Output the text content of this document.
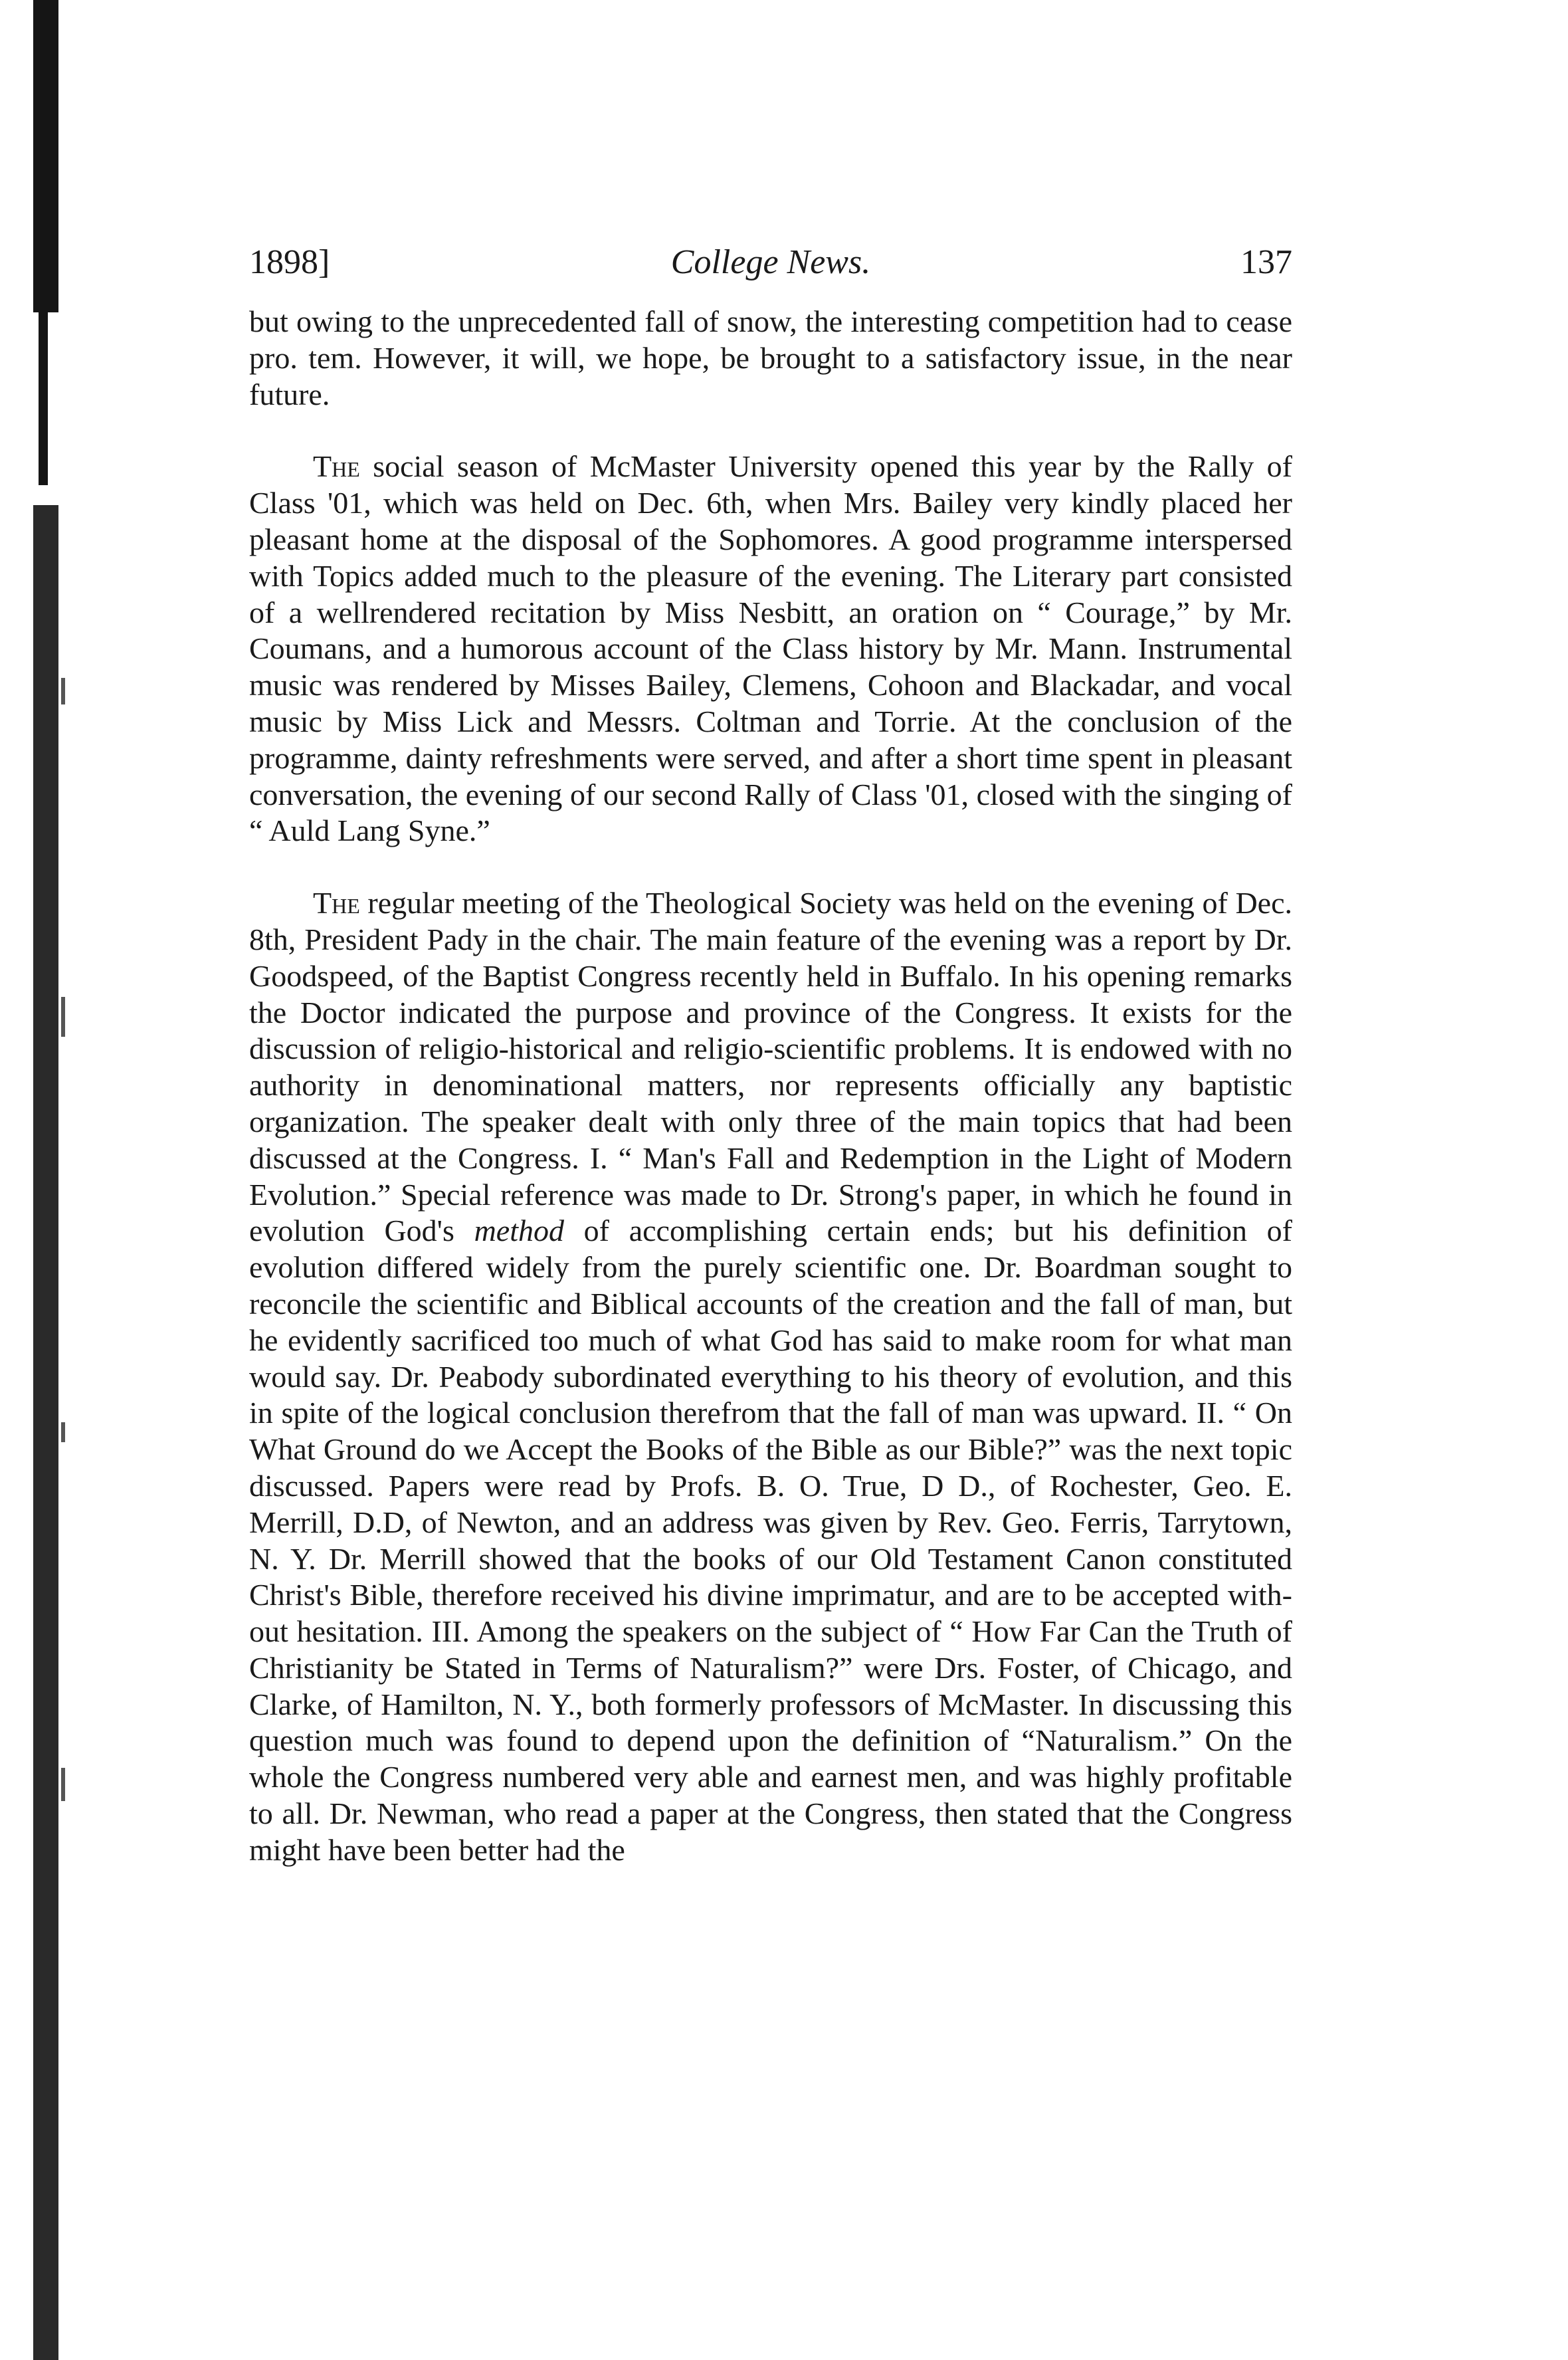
1898]	College News.	137

but owing to the unprecedented fall of snow, the interesting competition had to cease pro. tem. However, it will, we hope, be brought to a satisfactory issue, in the near future.

The social season of McMaster University opened this year by the Rally of Class '01, which was held on Dec. 6th, when Mrs. Bailey very kindly placed her pleasant home at the disposal of the Sophomores. A good programme interspersed with Topics added much to the pleasure of the evening. The Literary part consisted of a wellrendered recitation by Miss Nesbitt, an oration on “ Courage,” by Mr. Coumans, and a humorous account of the Class history by Mr. Mann. Instrumental music was rendered by Misses Bailey, Clemens, Cohoon and Blackadar, and vocal music by Miss Lick and Messrs. Coltman and Torrie. At the conclusion of the programme, dainty refreshments were served, and after a short time spent in pleasant conversation, the evening of our second Rally of Class '01, closed with the singing of “ Auld Lang Syne.”

The regular meeting of the Theological Society was held on the evening of Dec. 8th, President Pady in the chair. The main feature of the evening was a report by Dr. Goodspeed, of the Baptist Congress recently held in Buffalo. In his opening remarks the Doctor indicated the purpose and province of the Congress. It exists for the discussion of religio-historical and religio-scientific problems. It is endowed with no authority in denominational matters, nor represents officially any baptistic organization. The speaker dealt with only three of the main topics that had been discussed at the Congress. I. “ Man's Fall and Redemption in the Light of Modern Evolution.” Special reference was made to Dr. Strong's paper, in which he found in evolution God's method of accomplishing certain ends; but his definition of evolution differed widely from the purely scientific one. Dr. Boardman sought to reconcile the scientific and Biblical accounts of the creation and the fall of man, but he evidently sacrificed too much of what God has said to make room for what man would say. Dr. Peabody subordinated everything to his theory of evolution, and this in spite of the logical conclusion therefrom that the fall of man was upward. II. “ On What Ground do we Accept the Books of the Bible as our Bible?” was the next topic discussed. Papers were read by Profs. B. O. True, D D., of Rochester, Geo. E. Merrill, D.D, of Newton, and an address was given by Rev. Geo. Ferris, Tarrytown, N. Y. Dr. Merrill showed that the books of our Old Testament Canon constituted Christ's Bible, therefore received his divine imprimatur, and are to be accepted without hesitation. III. Among the speakers on the subject of “ How Far Can the Truth of Christianity be Stated in Terms of Naturalism?” were Drs. Foster, of Chicago, and Clarke, of Hamilton, N. Y., both formerly professors of McMaster. In discussing this question much was found to depend upon the definition of “Naturalism.” On the whole the Congress numbered very able and earnest men, and was highly profitable to all. Dr. Newman, who read a paper at the Congress, then stated that the Congress might have been better had the
